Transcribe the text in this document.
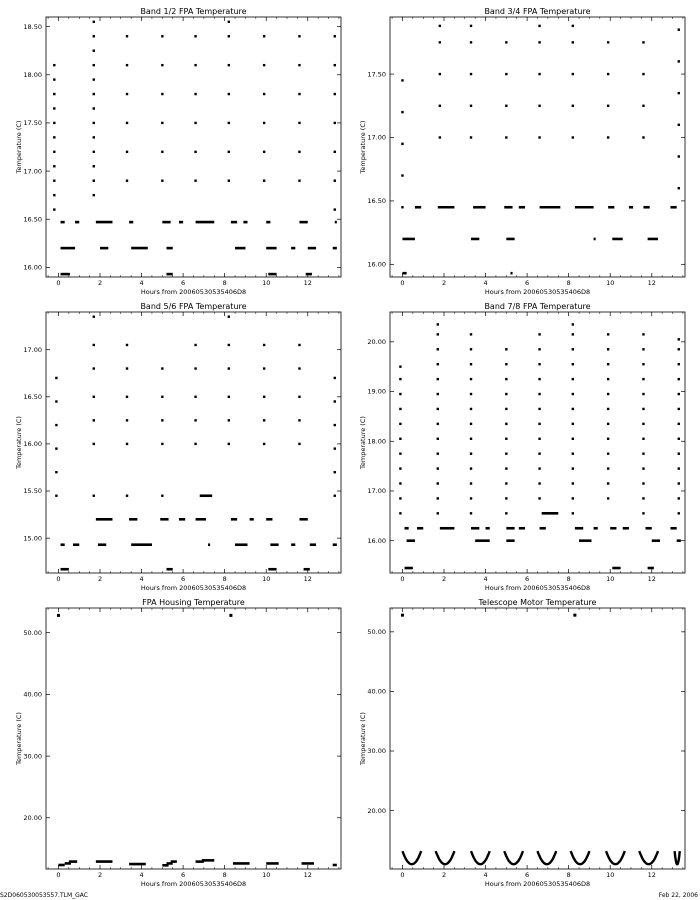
Band 1/2 FPA Temperature
Hours from 20060530535406D8
Temperature (C)
0	2	4	6	8	10	12
16.00
16.50
17.00
17.50
18.00
18.50
Band 3/4 FPA Temperature
Hours from 20060530535406D8
Temperature (C)
0	2	4	6	8	10	12
16.00
16.50
17.00
17.50
Band 5/6 FPA Temperature
Hours from 20060530535406D8
Temperature (C)
0	2	4	6	8	10	12
15.00
15.50
16.00
16.50
17.00
Band 7/8 FPA Temperature
Hours from 20060530535406D8
Temperature (C)
0	2	4	6	8	10	12
16.00
17.00
18.00
19.00
20.00
FPA Housing Temperature
Hours from 20060530535406D8
Temperature (C)
0	2	4	6	8	10	12
20.00
30.00
40.00
50.00
Telescope Motor Temperature
Hours from 20060530535406D8
Temperature (C)
0	2	4	6	8	10	12
20.00
30.00
40.00
50.00
S2D060530053557.TLM_GAC	Feb 22, 2006
